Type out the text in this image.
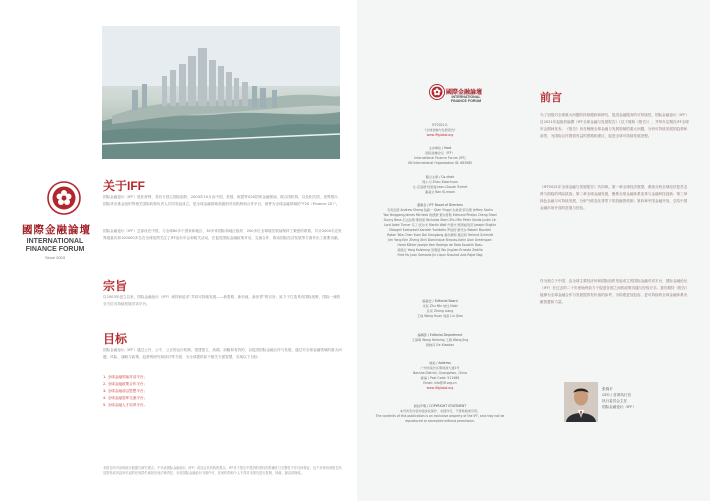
國際金融論壇
INTERNATIONAL
FINANCE FORUM
Since 2003
关于IFF
国际金融论坛（IFF）是非营利、非官方独立国际组织，2003年10月由中国、美国、欧盟等G20国家金融领袖、联合国机构、以及相关国、世界银行、国际货币基金组织等相关国际机构负责人共同发起成立，是全球金融领域高级别对话机制和合作平台，被誉为全球金融领域的“F20（Finance 20）”。
国际金融论坛（IFF）总部设在中国，与全球80多个国家和地区、30多家国际和地区组织、200多位全球财经领袖保持了紧密的联系，共计2000名在世界级嘉宾和100000多名在全球范围关注了IFF论坛年会和相关活动，在促进国际金融政策对话、交流合作、推动国际经济发展等方面作出了重要贡献。
宗旨
自2003年创立以来，国际金融论坛（IFF）秉持和追求“共同可持续发展——新思路、新价值、新世界”的宗旨，致力于打造具有国际视野、国际一流的全方位可持续发展对话平台。
目标
国际金融论坛（IFF）通过公开、公平、公正的运行机制，搭建独立、高端、前瞻和有效的、以促进国际金融合作与发展、通过对全球金融领域的重大问题、风险、战略与政策、趋势的研究和探讨等方面，为全球提供如下相关方面智慧，实现以下目标：
1. 全球金融领袖对话平台；
2. 全球金融政策合作平台；
3. 全球金融前沿思想平台；
4. 全球金融智库交流平台；
5. 全球金融人才培养平台。
本报告所引用的统计数据与研究观点，不代表国际金融论坛（IFF）或其会员机构的观点。IFF对于报告中提到的资料的准确性与完整性不作任何保证，也不对使用该报告所述资料或内容所引起的任何损失承担任何法律责任。未经国际金融论坛书面许可，任何机构和个人不得对本报告进行复制、转载、摘录或修改。
國際金融論壇
INTERNATIONAL
FINANCE FORUM
IFF2021年
《全球金融与发展报告》
www.iffglobal.org
主办单位 / Host
国际金融论坛（IFF）
International Finance Forum (IFF)
UN International Organization ID: 663980
联合主席 / Co-chair
周小川 Zhou Xiaochuan
让-克洛德·特里谢 Jean-Claude Trichet
潘基文 Ban Ki-moon
董事会 / IFF Board of Directors
韦奇伍德 Andrew Sheng 钱颖一 Qian Yingyi 杰弗里·萨克斯 Jeffrey Sachs
Yao Yanggong James Mirrlees 埃德蒙·费尔普斯 Edmund Phelps Cheng Siwei
Sunny Bess 尼古拉斯·斯特恩 Nicholas Stern Zhu Min Peter Sands Justin Lin
Lord Adair Turner 马丁·沃尔夫 Martin Wolf 约瑟夫·斯蒂格利茨 Joseph Stiglitz
Obiageli Ezekwesili Kandeh Yumkella 罗伯特·蒙代尔 Robert Mundell
Ratan Tata Chen Yuan Dai Xianglong 赫尔穆特·施密特 Helmut Schmidt
Jim Yong Kim Zheng Xinli Dominique Strauss-Kahn Alan Greenspan
Horst Köhler Joseph Yam Rodrigo de Rato Kaushik Basu
杨凯生 Yang Kaisheng 吴敬琏 Wu Jinglian Ernesto Zedillo
Fred Hu Juan Somavia Jin Liqun Shaukat Aziz Rajat Nag
编委会 / Editorial Board
朱民 Zhu Min 纳比 Nabi
张亮 Zhang Liang
王焕 Wang Huan 刘茜 Liu Qian
编辑部 / Editorial Department
王海明 Wang Haiming 王婧 Wang Jing
葛晓丹 Ge Xiaodan
地址 / Address
广州市南沙区明珠湾大道1号
Nansha District, Guangzhou, China
邮编 / Post Code: 511466
Email: info@iff.org.cn
www.iffglobal.org
版权声明 / COPYRIGHT STATEMENT
本刊所有内容均受版权保护，未经许可，不得转载或引用。
The contents of this publication is an exclusive property of the IFF, and may not be
reproduced or excerpted without permission.
前言
为了加强对全球重大问题的持续跟踪和研究，促进金融服务的可持续性，国际金融论坛（IFF）自2021年起组织编撰《IFF全球金融与发展报告》（以下简称《报告》），并每年定期在IFF全球年会期间发布。《报告》旨在梳理全球金融与发展领域的重大问题，分析可持续发展的趋势和前景，为国际合作提供有益的思路和建议，促进全球可持续发展进程。
《IFF2021年全球金融与发展报告》共四章。第一章全球经济展望，系统分析全球经济复苏态势与面临的风险挑战；第二章全球金融发展，聚焦全球金融体系变革与金融科技创新；第三章绿色金融与可持续发展，分析气候变化背景下的投融资机制；第四章中国金融开放，总结中国金融市场开放的进展与经验。
作为独立于中国、由全球主要经济体和国际组织发起成立的国际金融对话平台，国际金融论坛（IFF）在过去的二十年里始终致力于促进各国之间的政策沟通与经验分享。我们期待《报告》能够为全球金融合作与发展提供有价值的参考，为构建更加包容、更可持续的全球金融体系贡献智慧和力量。
张晓平
CEO / 首席执行官
执行委员会主任
国际金融论坛（IFF）
